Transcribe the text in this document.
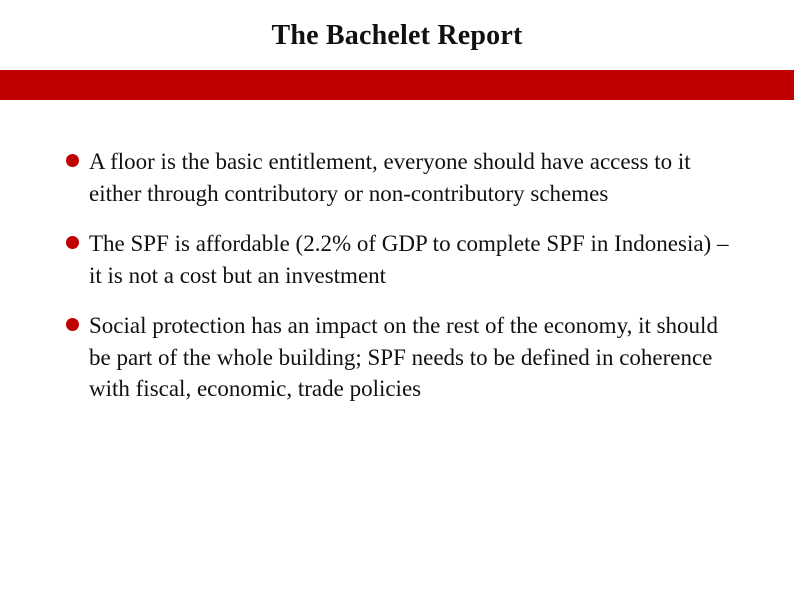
The Bachelet Report
A floor is the basic entitlement, everyone should have access to it either through contributory or non-contributory schemes
The SPF is affordable (2.2% of GDP to complete SPF in Indonesia) – it is not a cost but an investment
Social protection has an impact on the rest of the economy, it should be part of the whole building; SPF needs to be defined in coherence with fiscal, economic, trade policies
